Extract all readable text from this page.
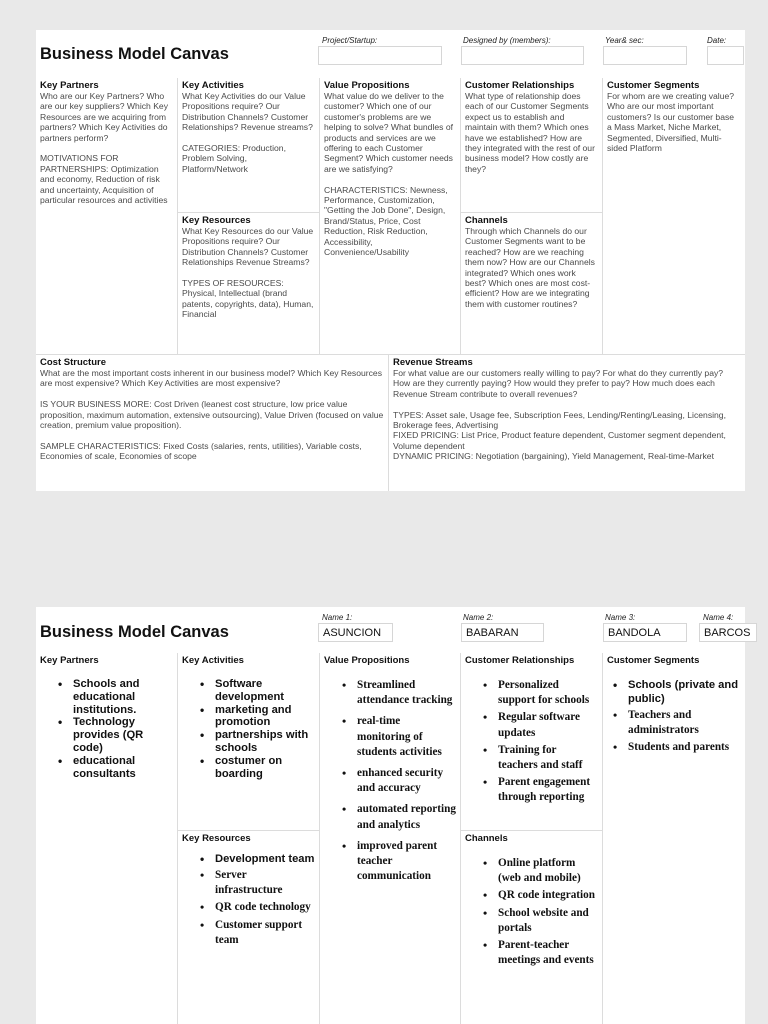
Business Model Canvas
Project/Startup:	Designed by (members):	Year& sec:	Date:
Key Partners
Who are our Key Partners? Who are our key suppliers? Which Key Resources are we acquiring from partners? Which Key Activities do partners perform?

MOTIVATIONS FOR PARTNERSHIPS: Optimization and economy, Reduction of risk and uncertainty, Acquisition of particular resources and activities
Key Activities
What Key Activities do our Value Propositions require? Our Distribution Channels? Customer Relationships? Revenue streams?

CATEGORIES: Production, Problem Solving, Platform/Network
Key Resources
What Key Resources do our Value Propositions require? Our Distribution Channels? Customer Relationships Revenue Streams?

TYPES OF RESOURCES: Physical, Intellectual (brand patents, copyrights, data), Human, Financial
Value Propositions
What value do we deliver to the customer? Which one of our customer's problems are we helping to solve? What bundles of products and services are we offering to each Customer Segment? Which customer needs are we satisfying?

CHARACTERISTICS: Newness, Performance, Customization, "Getting the Job Done", Design, Brand/Status, Price, Cost Reduction, Risk Reduction, Accessibility, Convenience/Usability
Customer Relationships
What type of relationship does each of our Customer Segments expect us to establish and maintain with them? Which ones have we established? How are they integrated with the rest of our business model? How costly are they?
Channels
Through which Channels do our Customer Segments want to be reached? How are we reaching them now? How are our Channels integrated? Which ones work best? Which ones are most cost-efficient? How are we integrating them with customer routines?
Customer Segments
For whom are we creating value? Who are our most important customers? Is our customer base a Mass Market, Niche Market, Segmented, Diversified, Multi-sided Platform
Cost Structure
What are the most important costs inherent in our business model? Which Key Resources are most expensive? Which Key Activities are most expensive?

IS YOUR BUSINESS MORE: Cost Driven (leanest cost structure, low price value proposition, maximum automation, extensive outsourcing), Value Driven (focused on value creation, premium value proposition).

SAMPLE CHARACTERISTICS: Fixed Costs (salaries, rents, utilities), Variable costs, Economies of scale, Economies of scope
Revenue Streams
For what value are our customers really willing to pay? For what do they currently pay? How are they currently paying? How would they prefer to pay? How much does each Revenue Stream contribute to overall revenues?

TYPES: Asset sale, Usage fee, Subscription Fees, Lending/Renting/Leasing, Licensing, Brokerage fees, Advertising
FIXED PRICING: List Price, Product feature dependent, Customer segment dependent, Volume dependent
DYNAMIC PRICING: Negotiation (bargaining), Yield Management, Real-time-Market
Business Model Canvas
Name 1:
ASUNCION
Name 2:
BABARAN
Name 3:
BANDOLA
Name 4:
BARCOS
Key Partners
• Schools and educational institutions.
• Technology provides (QR code)
• educational consultants
Key Activities
• Software development
• marketing and promotion
• partnerships with schools
• costumer on boarding
Key Resources
• Development team
• Server infrastructure
• QR code technology
• Customer support team
Value Propositions
• Streamlined attendance tracking
• real-time monitoring of students activities
• enhanced security and accuracy
• automated reporting and analytics
• improved parent teacher communication
Customer Relationships
• Personalized support for schools
• Regular software updates
• Training for teachers and staff
• Parent engagement through reporting
Channels
• Online platform (web and mobile)
• QR code integration
• School website and portals
• Parent-teacher meetings and events
Customer Segments
• Schools (private and public)
• Teachers and administrators
• Students and parents
